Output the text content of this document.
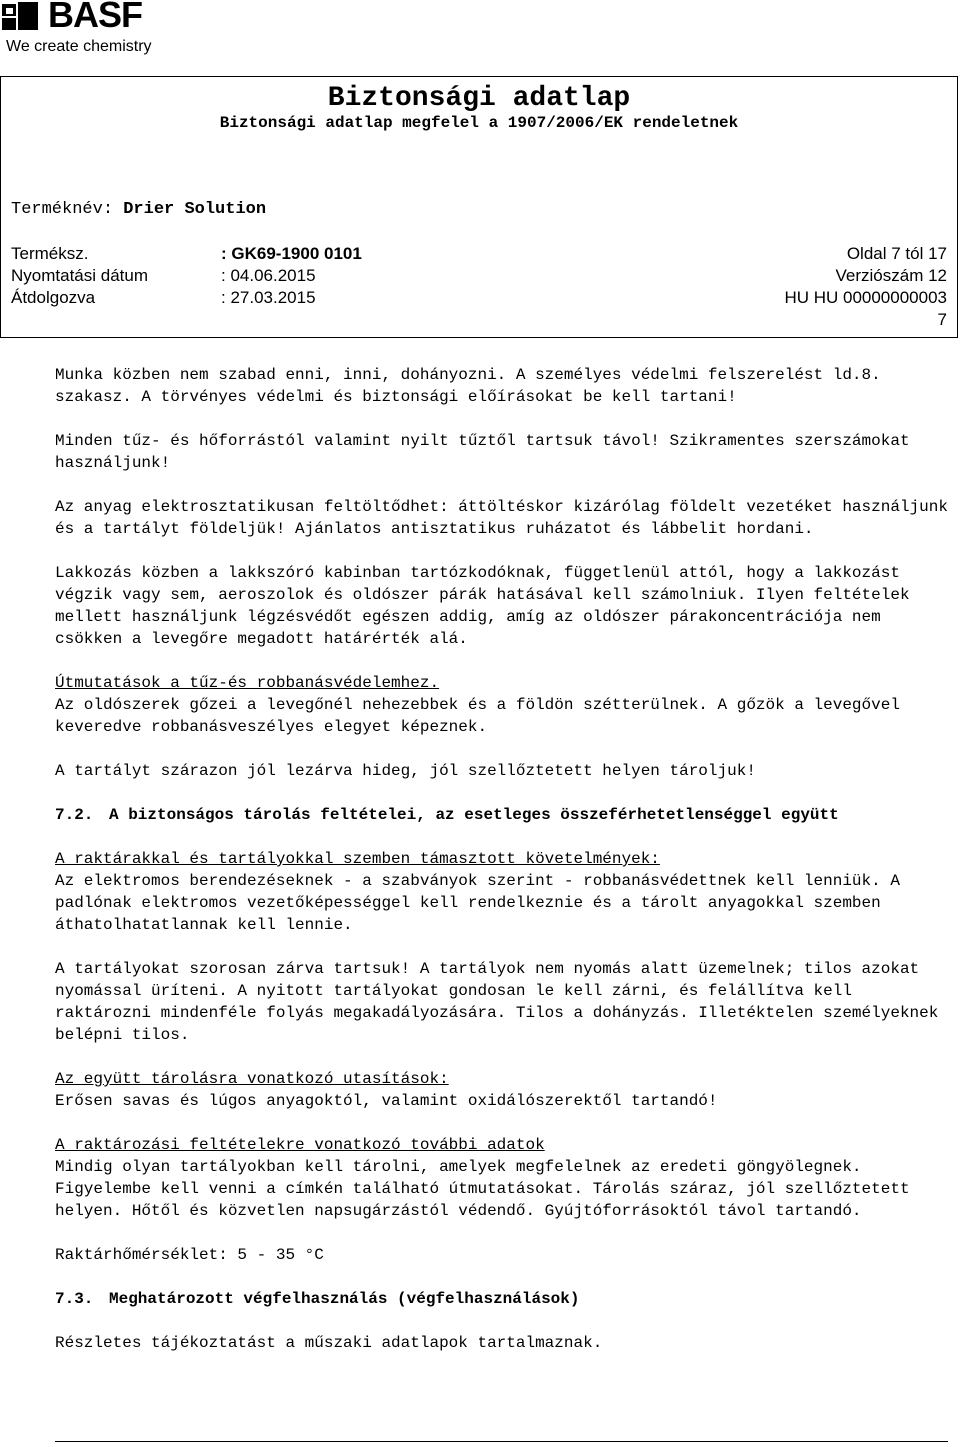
BASF
We create chemistry
Biztonsági adatlap
Biztonsági adatlap megfelel a 1907/2006/EK rendeletnek
Terméknév: Drier Solution
Terméksz.	: GK69-1900 0101	Oldal 7 tól 17
Nyomtatási dátum	: 04.06.2015	Verziószám 12
Átdolgozva	: 27.03.2015	HU HU 00000000003
7
Munka közben nem szabad enni, inni, dohányozni. A személyes védelmi felszerelést ld.8. szakasz. A törvényes védelmi és biztonsági előírásokat be kell tartani!
Minden tűz- és hőforrástól valamint nyilt tűztől tartsuk távol! Szikramentes szerszámokat használjunk!
Az anyag elektrosztatikusan feltöltődhet: áttöltéskor kizárólag földelt vezetéket használjunk és a tartályt földeljük! Ajánlatos antisztatikus ruházatot és lábbelit hordani.
Lakkozás közben a lakkszóró kabinban tartózkodóknak, függetlenül attól, hogy a lakkozást végzik vagy sem, aeroszolok és oldószer párák hatásával kell számolniuk. Ilyen feltételek mellett használjunk légzésvédőt egészen addig, amíg az oldószer párakoncentrációja nem csökken a levegőre megadott határérték alá.
Útmutatások a tűz-és robbanásvédelemhez.
Az oldószerek gőzei a levegőnél nehezebbek és a földön szétterülnek. A gőzök a levegővel keveredve robbanásveszélyes elegyet képeznek.
A tartályt szárazon jól lezárva hideg, jól szellőztetett helyen tároljuk!
7.2. A biztonságos tárolás feltételei, az esetleges összeférhetetlenséggel együtt
A raktárakkal és tartályokkal szemben támasztott követelmények:
Az elektromos berendezéseknek - a szabványok szerint - robbanásvédettnek kell lenniük. A padlónak elektromos vezetőképességgel kell rendelkeznie és a tárolt anyagokkal szemben áthatolhatatlannak kell lennie.
A tartályokat szorosan zárva tartsuk! A tartályok nem nyomás alatt üzemelnek; tilos azokat nyomással üríteni. A nyitott tartályokat gondosan le kell zárni, és felállítva kell raktározni mindenféle folyás megakadályozására. Tilos a dohányzás. Illetéktelen személyeknek belépni tilos.
Az együtt tárolásra vonatkozó utasítások:
Erősen savas és lúgos anyagoktól, valamint oxidálószerektől tartandó!
A raktározási feltételekre vonatkozó további adatok
Mindig olyan tartályokban kell tárolni, amelyek megfelelnek az eredeti göngyölegnek. Figyelembe kell venni a címkén található útmutatásokat. Tárolás száraz, jól szellőztetett helyen. Hőtől és közvetlen napsugárzástól védendő. Gyújtóforrásoktól távol tartandó.
Raktárhőmérséklet: 5 - 35 °C
7.3. Meghatározott végfelhasználás (végfelhasználások)
Részletes tájékoztatást a műszaki adatlapok tartalmaznak.
